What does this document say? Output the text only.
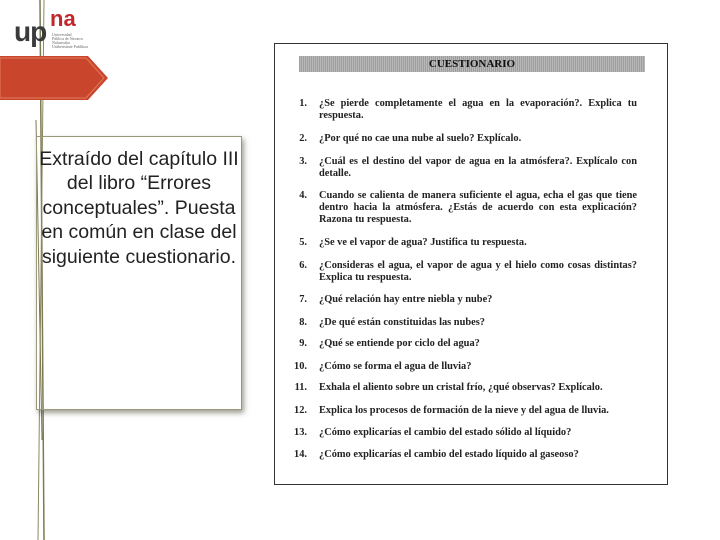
up na
Universidad
Pública de Navarra
Nafarroako
Unibertsitate Publikoa

Extraído del capítulo III del libro “Errores conceptuales”. Puesta en común en clase del siguiente cuestionario.

CUESTIONARIO
1. ¿Se pierde completamente el agua en la evaporación?. Explica tu respuesta.
2. ¿Por qué no cae una nube al suelo? Explícalo.
3. ¿Cuál es el destino del vapor de agua en la atmósfera?. Explícalo con detalle.
4. Cuando se calienta de manera suficiente el agua, echa el gas que tiene dentro hacia la atmósfera. ¿Estás de acuerdo con esta explicación? Razona tu respuesta.
5. ¿Se ve el vapor de agua? Justifica tu respuesta.
6. ¿Consideras el agua, el vapor de agua y el hielo como cosas distintas? Explica tu respuesta.
7. ¿Qué relación hay entre niebla y nube?
8. ¿De qué están constituidas las nubes?
9. ¿Qué se entiende por ciclo del agua?
10. ¿Cómo se forma el agua de lluvia?
11. Exhala el aliento sobre un cristal frío, ¿qué observas? Explícalo.
12. Explica los procesos de formación de la nieve y del agua de lluvia.
13. ¿Cómo explicarías el cambio del estado sólido al líquido?
14. ¿Cómo explicarías el cambio del estado líquido al gaseoso?
